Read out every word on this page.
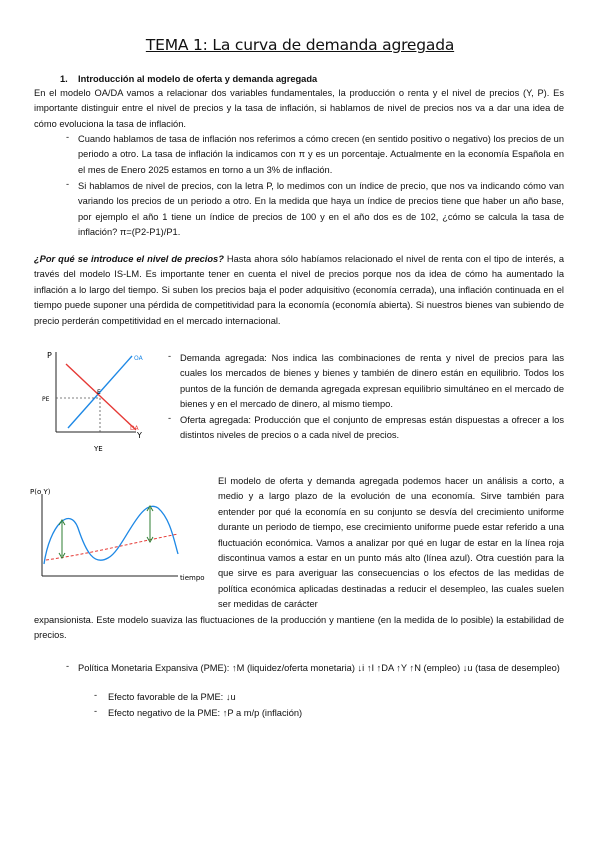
TEMA 1: La curva de demanda agregada
1. Introducción al modelo de oferta y demanda agregada

En el modelo OA/DA vamos a relacionar dos variables fundamentales, la producción o renta y el nivel de precios (Y, P). Es importante distinguir entre el nivel de precios y la tasa de inflación, si hablamos de nivel de precios nos va a dar una idea de cómo evoluciona la tasa de inflación.

- Cuando hablamos de tasa de inflación nos referimos a cómo crecen (en sentido positivo o negativo) los precios de un periodo a otro. La tasa de inflación la indicamos con π y es un porcentaje. Actualmente en la economía Española en el mes de Enero 2025 estamos en torno a un 3% de inflación.

- Si hablamos de nivel de precios, con la letra P, lo medimos con un índice de precio, que nos va indicando cómo van variando los precios de un periodo a otro. En la medida que haya un índice de precios tiene que haber un año base, por ejemplo el año 1 tiene un índice de precios de 100 y en el año dos es de 102, ¿cómo se calcula la tasa de inflación? π=(P2-P1)/P1.

¿Por qué se introduce el nivel de precios? Hasta ahora sólo habíamos relacionado el nivel de renta con el tipo de interés, a través del modelo IS-LM. Es importante tener en cuenta el nivel de precios porque nos da idea de cómo ha aumentado la inflación a lo largo del tiempo. Si suben los precios baja el poder adquisitivo (economía cerrada), una inflación continuada en el tiempo puede suponer una pérdida de competitividad para la economía (economía abierta). Si nuestros bienes van subiendo de precio perderán competitividad en el mercado internacional.

P
Y
OA
DA
E
PE
YE
- Demanda agregada: Nos indica las combinaciones de renta y nivel de precios para las cuales los mercados de bienes y bienes y también de dinero están en equilibrio. Todos los puntos de la función de demanda agregada expresan equilibrio simultáneo en el mercado de bienes y en el mercado de dinero, al mismo tiempo.

- Oferta agregada: Producción que el conjunto de empresas están dispuestas a ofrecer a los distintos niveles de precios o a cada nivel de precios.

P(o Y)
tiempo

El modelo de oferta y demanda agregada podemos hacer un análisis a corto, a medio y a largo plazo de la evolución de una economía. Sirve también para entender por qué la economía en su conjunto se desvía del crecimiento uniforme durante un periodo de tiempo, ese crecimiento uniforme puede estar referido a una fluctuación económica. Vamos a analizar por qué en lugar de estar en la línea roja discontinua vamos a estar en un punto más alto (línea azul). Otra cuestión para la que sirve es para averiguar las consecuencias o los efectos de las medidas de política económica aplicadas destinadas a reducir el desempleo, las cuales suelen ser medidas de carácter

expansionista. Este modelo suaviza las fluctuaciones de la producción y mantiene (en la medida de lo posible) la estabilidad de precios.

- Política Monetaria Expansiva (PME): ↑M (liquidez/oferta monetaria) ↓i ↑I ↑DA ↑Y ↑N (empleo) ↓u (tasa de desempleo)

- Efecto favorable de la PME: ↓u

- Efecto negativo de la PME: ↑P a m/p (inflación)
